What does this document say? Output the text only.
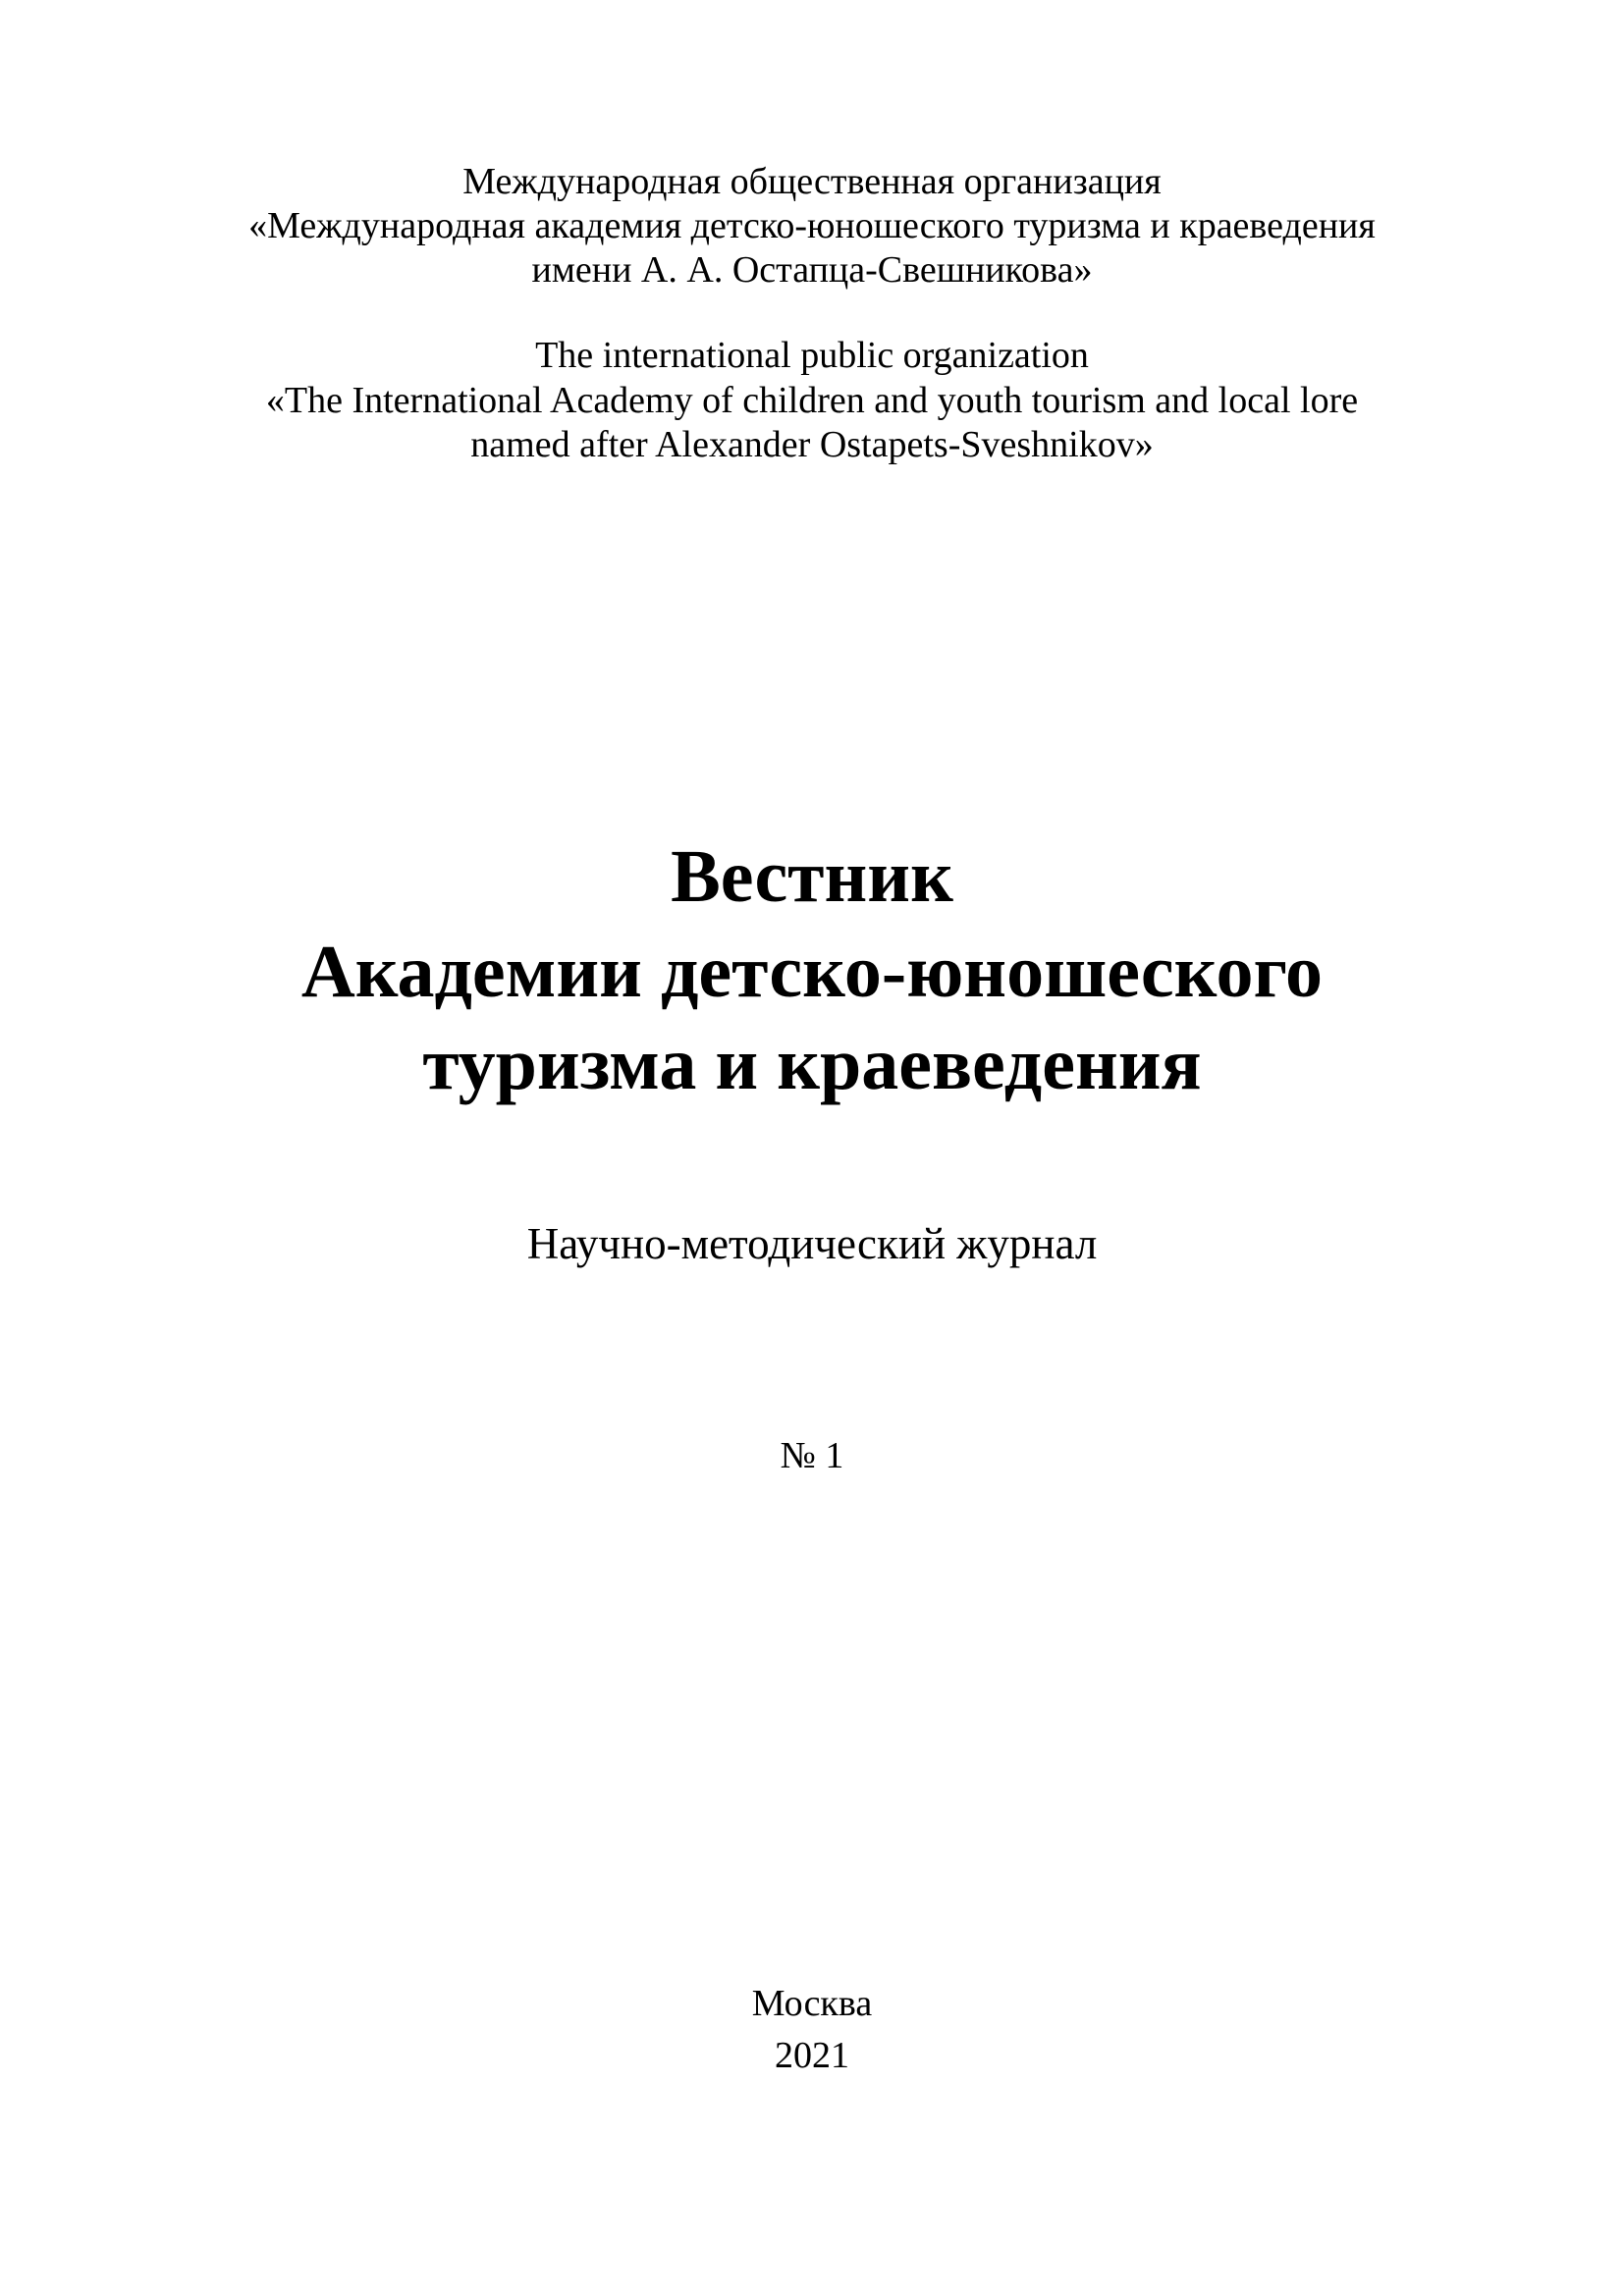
Международная общественная организация
«Международная академия детско-юношеского туризма и краеведения
имени А. А. Остапца-Свешникова»
The international public organization
«The International Academy of children and youth tourism and local lore
named after Alexander Ostapets-Sveshnikov»
Вестник
Академии детско-юношеского
туризма и краеведения
Научно-методический журнал
№ 1
Москва
2021
